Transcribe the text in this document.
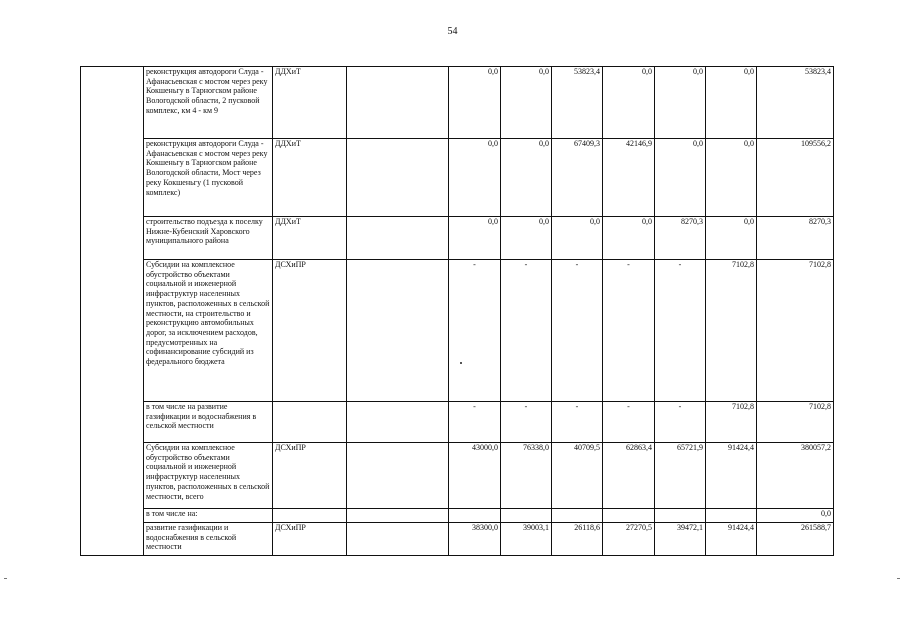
54
	реконструкция автодороги Слуда - Афанасьевская с мостом через реку Кокшеньгу в Тарногском районе Вологодской области, 2 пусковой комплекс, км 4 - км 9	ДДХиТ		0,0	0,0	53823,4	0,0	0,0	0,0	53823,4
	реконструкция автодороги Слуда - Афанасьевская с мостом через реку Кокшеньгу в Тарногском районе Вологодской области, Мост через реку Кокшеньгу (1 пусковой комплекс)	ДДХиТ		0,0	0,0	67409,3	42146,9	0,0	0,0	109556,2
	строительство подъезда к поселку Нижне-Кубенский Харовского муниципального района	ДДХиТ		0,0	0,0	0,0	0,0	8270,3	0,0	8270,3
	Субсидии на комплексное обустройство объектами социальной и инженерной инфраструктур населенных пунктов, расположенных в сельской местности, на строительство и реконструкцию автомобильных дорог, за исключением расходов, предусмотренных на софинансирование субсидий из федерального бюджета	ДСХиПР		-	-	-	-	-	7102,8	7102,8
	в том числе на развитие газификации и водоснабжения в сельской местности			-	-	-	-	-	7102,8	7102,8
	Субсидии на комплексное обустройство объектами социальной и инженерной инфраструктур населенных пунктов, расположенных в сельской местности, всего	ДСХиПР		43000,0	76338,0	40709,5	62863,4	65721,9	91424,4	380057,2
	в том числе на:									0,0
	развитие газификации и водоснабжения в сельской местности	ДСХиПР		38300,0	39003,1	26118,6	27270,5	39472,1	91424,4	261588,7
